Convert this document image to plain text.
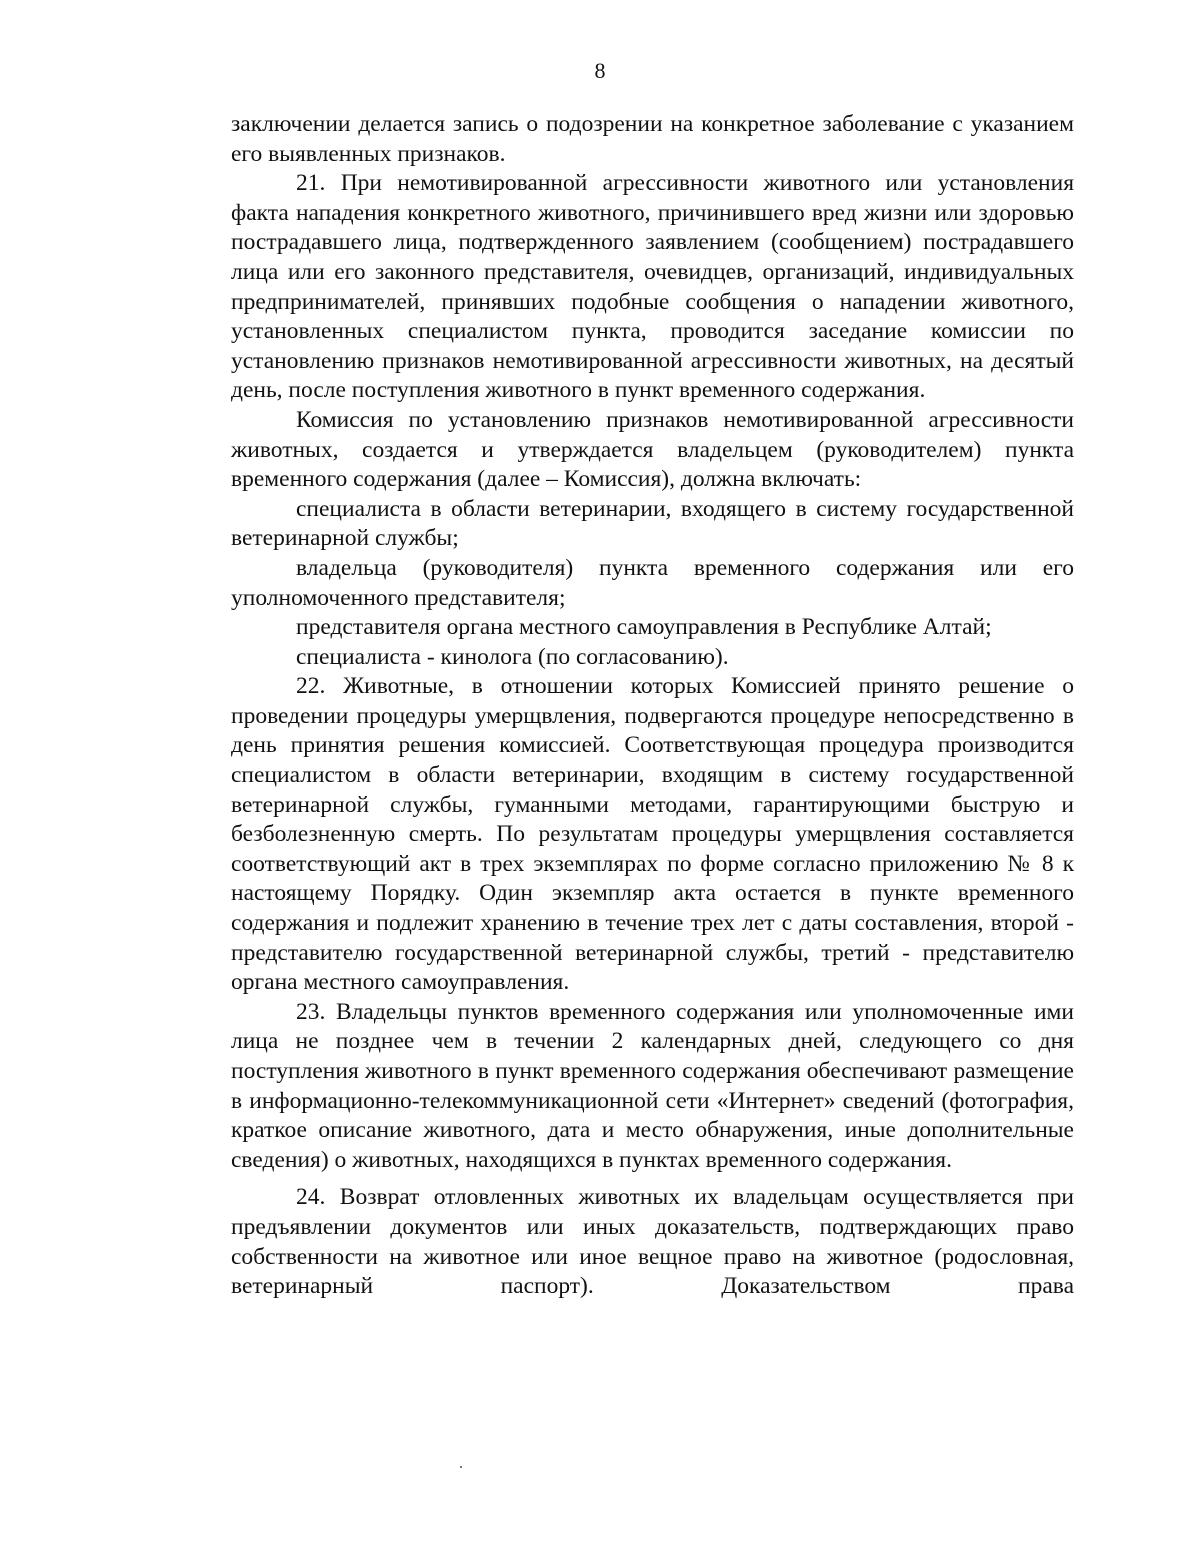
8

заключении делается запись о подозрении на конкретное заболевание с указанием его выявленных признаков.

21. При немотивированной агрессивности животного или установления факта нападения конкретного животного, причинившего вред жизни или здоровью пострадавшего лица, подтвержденного заявлением (сообщением) пострадавшего лица или его законного представителя, очевидцев, организаций, индивидуальных предпринимателей, принявших подобные сообщения о нападении животного, установленных специалистом пункта, проводится заседание комиссии по установлению признаков немотивированной агрессивности животных, на десятый день, после поступления животного в пункт временного содержания.

Комиссия по установлению признаков немотивированной агрессивности животных, создается и утверждается владельцем (руководителем) пункта временного содержания (далее – Комиссия), должна включать:

специалиста в области ветеринарии, входящего в систему государственной ветеринарной службы;

владельца (руководителя) пункта временного содержания или его уполномоченного представителя;

представителя органа местного самоуправления в Республике Алтай;

специалиста - кинолога (по согласованию).

22. Животные, в отношении которых Комиссией принято решение о проведении процедуры умерщвления, подвергаются процедуре непосредственно в день принятия решения комиссией. Соответствующая процедура производится специалистом в области ветеринарии, входящим в систему государственной ветеринарной службы, гуманными методами, гарантирующими быструю и безболезненную смерть. По результатам процедуры умерщвления составляется соответствующий акт в трех экземплярах по форме согласно приложению № 8 к настоящему Порядку. Один экземпляр акта остается в пункте временного содержания и подлежит хранению в течение трех лет с даты составления, второй - представителю государственной ветеринарной службы, третий - представителю органа местного самоуправления.

23. Владельцы пунктов временного содержания или уполномоченные ими лица не позднее чем в течении 2 календарных дней, следующего со дня поступления животного в пункт временного содержания обеспечивают размещение в информационно-телекоммуникационной сети «Интернет» сведений (фотография, краткое описание животного, дата и место обнаружения, иные дополнительные сведения) о животных, находящихся в пунктах временного содержания.

24. Возврат отловленных животных их владельцам осуществляется при предъявлении документов или иных доказательств, подтверждающих право собственности на животное или иное вещное право на животное (родословная, ветеринарный паспорт). Доказательством права
